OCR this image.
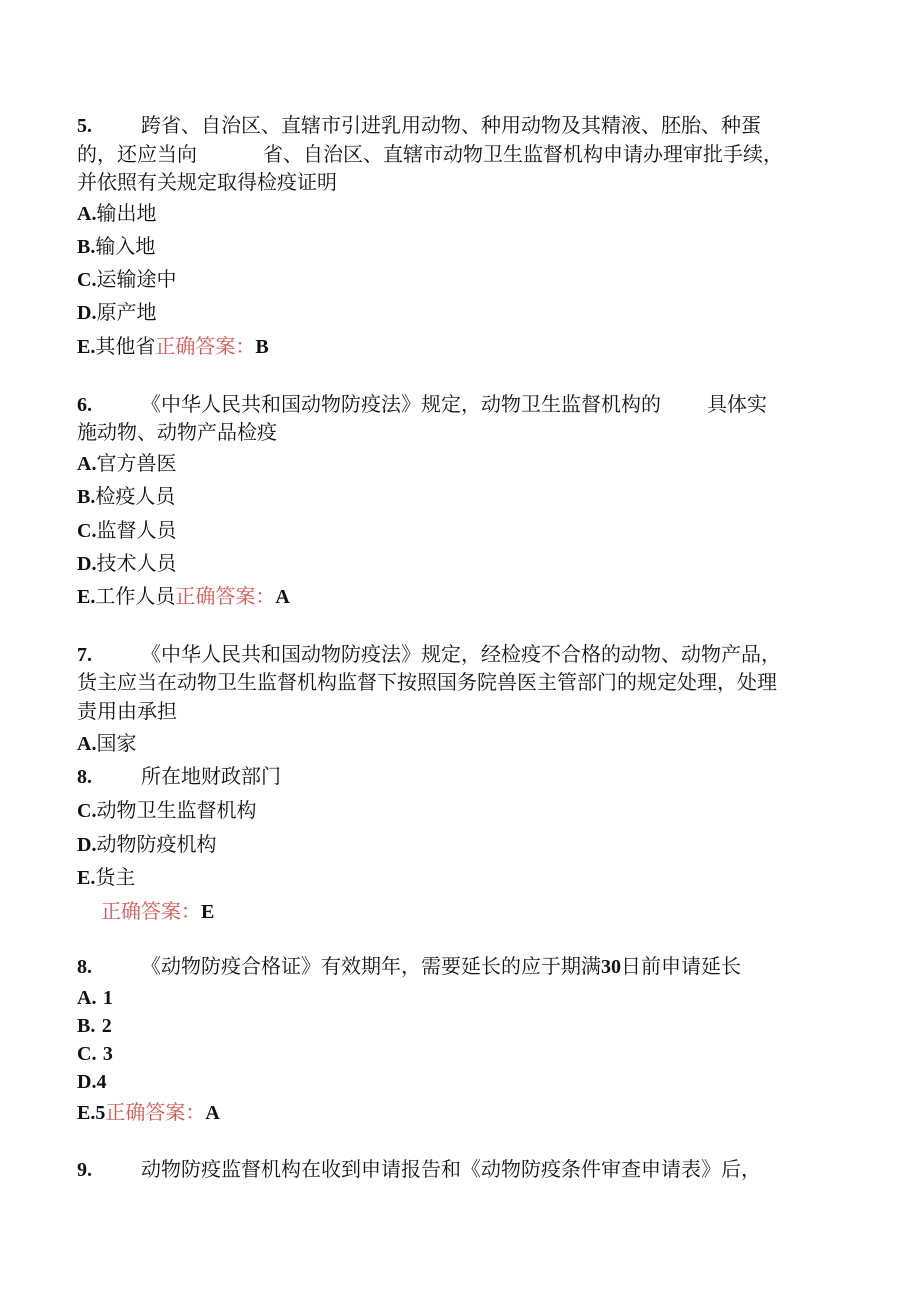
5. 跨省、自治区、直辖市引进乳用动物、种用动物及其精液、胚胎、种蛋
的，还应当向	省、自治区、直辖市动物卫生监督机构申请办理审批手续，
并依照有关规定取得检疫证明
A.输出地
B.输入地
C.运输途中
D.原产地
E.其他省正确答案：B
6. 《中华人民共和国动物防疫法》规定，动物卫生监督机构的 具体实
施动物、动物产品检疫
A.官方兽医
B.检疫人员
C.监督人员
D.技术人员
E.工作人员正确答案：A
7. 《中华人民共和国动物防疫法》规定，经检疫不合格的动物、动物产品，
货主应当在动物卫生监督机构监督下按照国务院兽医主管部门的规定处理，处理
责用由承担
A.国家
8. 所在地财政部门
C.动物卫生监督机构
D.动物防疫机构
E.货主
正确答案：E
8. 《动物防疫合格证》有效期年，需要延长的应于期满30日前申请延长
A. 1
B. 2
C. 3
D.4
E.5正确答案：A
9. 动物防疫监督机构在收到申请报告和《动物防疫条件审查申请表》后，
